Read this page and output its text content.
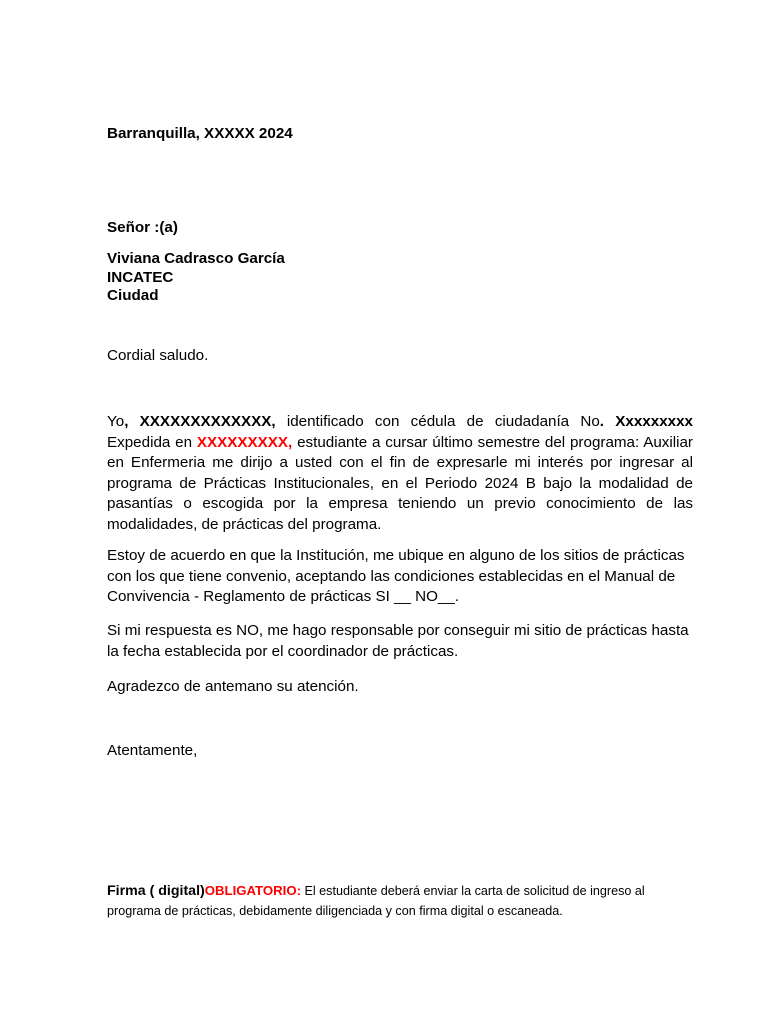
Barranquilla, XXXXX 2024

Señor :(a)

Viviana Cadrasco García
INCATEC
Ciudad

Cordial saludo.

Yo, XXXXXXXXXXXXX, identificado con cédula de ciudadanía No. Xxxxxxxxx Expedida en XXXXXXXXX, estudiante a cursar último semestre del programa: Auxiliar en Enfermeria me dirijo a usted con el fin de expresarle mi interés por ingresar al programa de Prácticas Institucionales, en el Periodo 2024 B bajo la modalidad de pasantías o escogida por la empresa teniendo un previo conocimiento de las modalidades, de prácticas del programa.

Estoy de acuerdo en que la Institución, me ubique en alguno de los sitios de prácticas con los que tiene convenio, aceptando las condiciones establecidas en el Manual de Convivencia - Reglamento de prácticas SI __ NO__.

Si mi respuesta es NO, me hago responsable por conseguir mi sitio de prácticas hasta la fecha establecida por el coordinador de prácticas.

Agradezco de antemano su atención.

Atentamente,

Firma ( digital)OBLIGATORIO: El estudiante deberá enviar la carta de solicitud de ingreso al programa de prácticas, debidamente diligenciada y con firma digital o escaneada.
